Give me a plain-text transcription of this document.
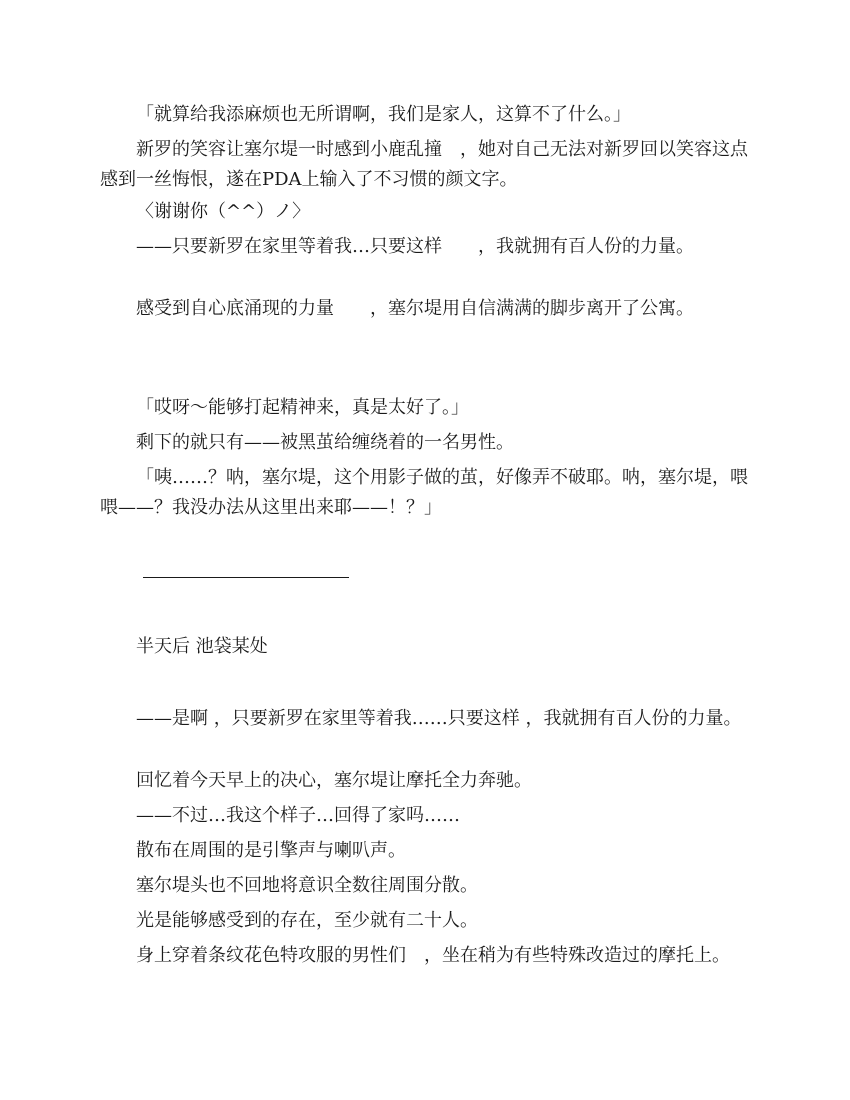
「就算给我添麻烦也无所谓啊，我们是家人，这算不了什么。」

新罗的笑容让塞尔堤一时感到小鹿乱撞　，她对自己无法对新罗回以笑容这点感到一丝悔恨，遂在PDA上输入了不习惯的颜文字。

〈谢谢你（^^）ノ〉

——只要新罗在家里等着我…只要这样　　，我就拥有百人份的力量。

感受到自心底涌现的力量　　，塞尔堤用自信满满的脚步离开了公寓。

「哎呀～能够打起精神来，真是太好了。」

剩下的就只有——被黑茧给缠绕着的一名男性。

「咦……？呐，塞尔堤，这个用影子做的茧，好像弄不破耶。呐，塞尔堤，喂喂——？我没办法从这里出来耶——！？」

半天后 池袋某处

——是啊 ，只要新罗在家里等着我……只要这样 ，我就拥有百人份的力量。

回忆着今天早上的决心，塞尔堤让摩托全力奔驰。

——不过…我这个样子…回得了家吗……

散布在周围的是引擎声与喇叭声。

塞尔堤头也不回地将意识全数往周围分散。

光是能够感受到的存在，至少就有二十人。

身上穿着条纹花色特攻服的男性们　，坐在稍为有些特殊改造过的摩托上。
